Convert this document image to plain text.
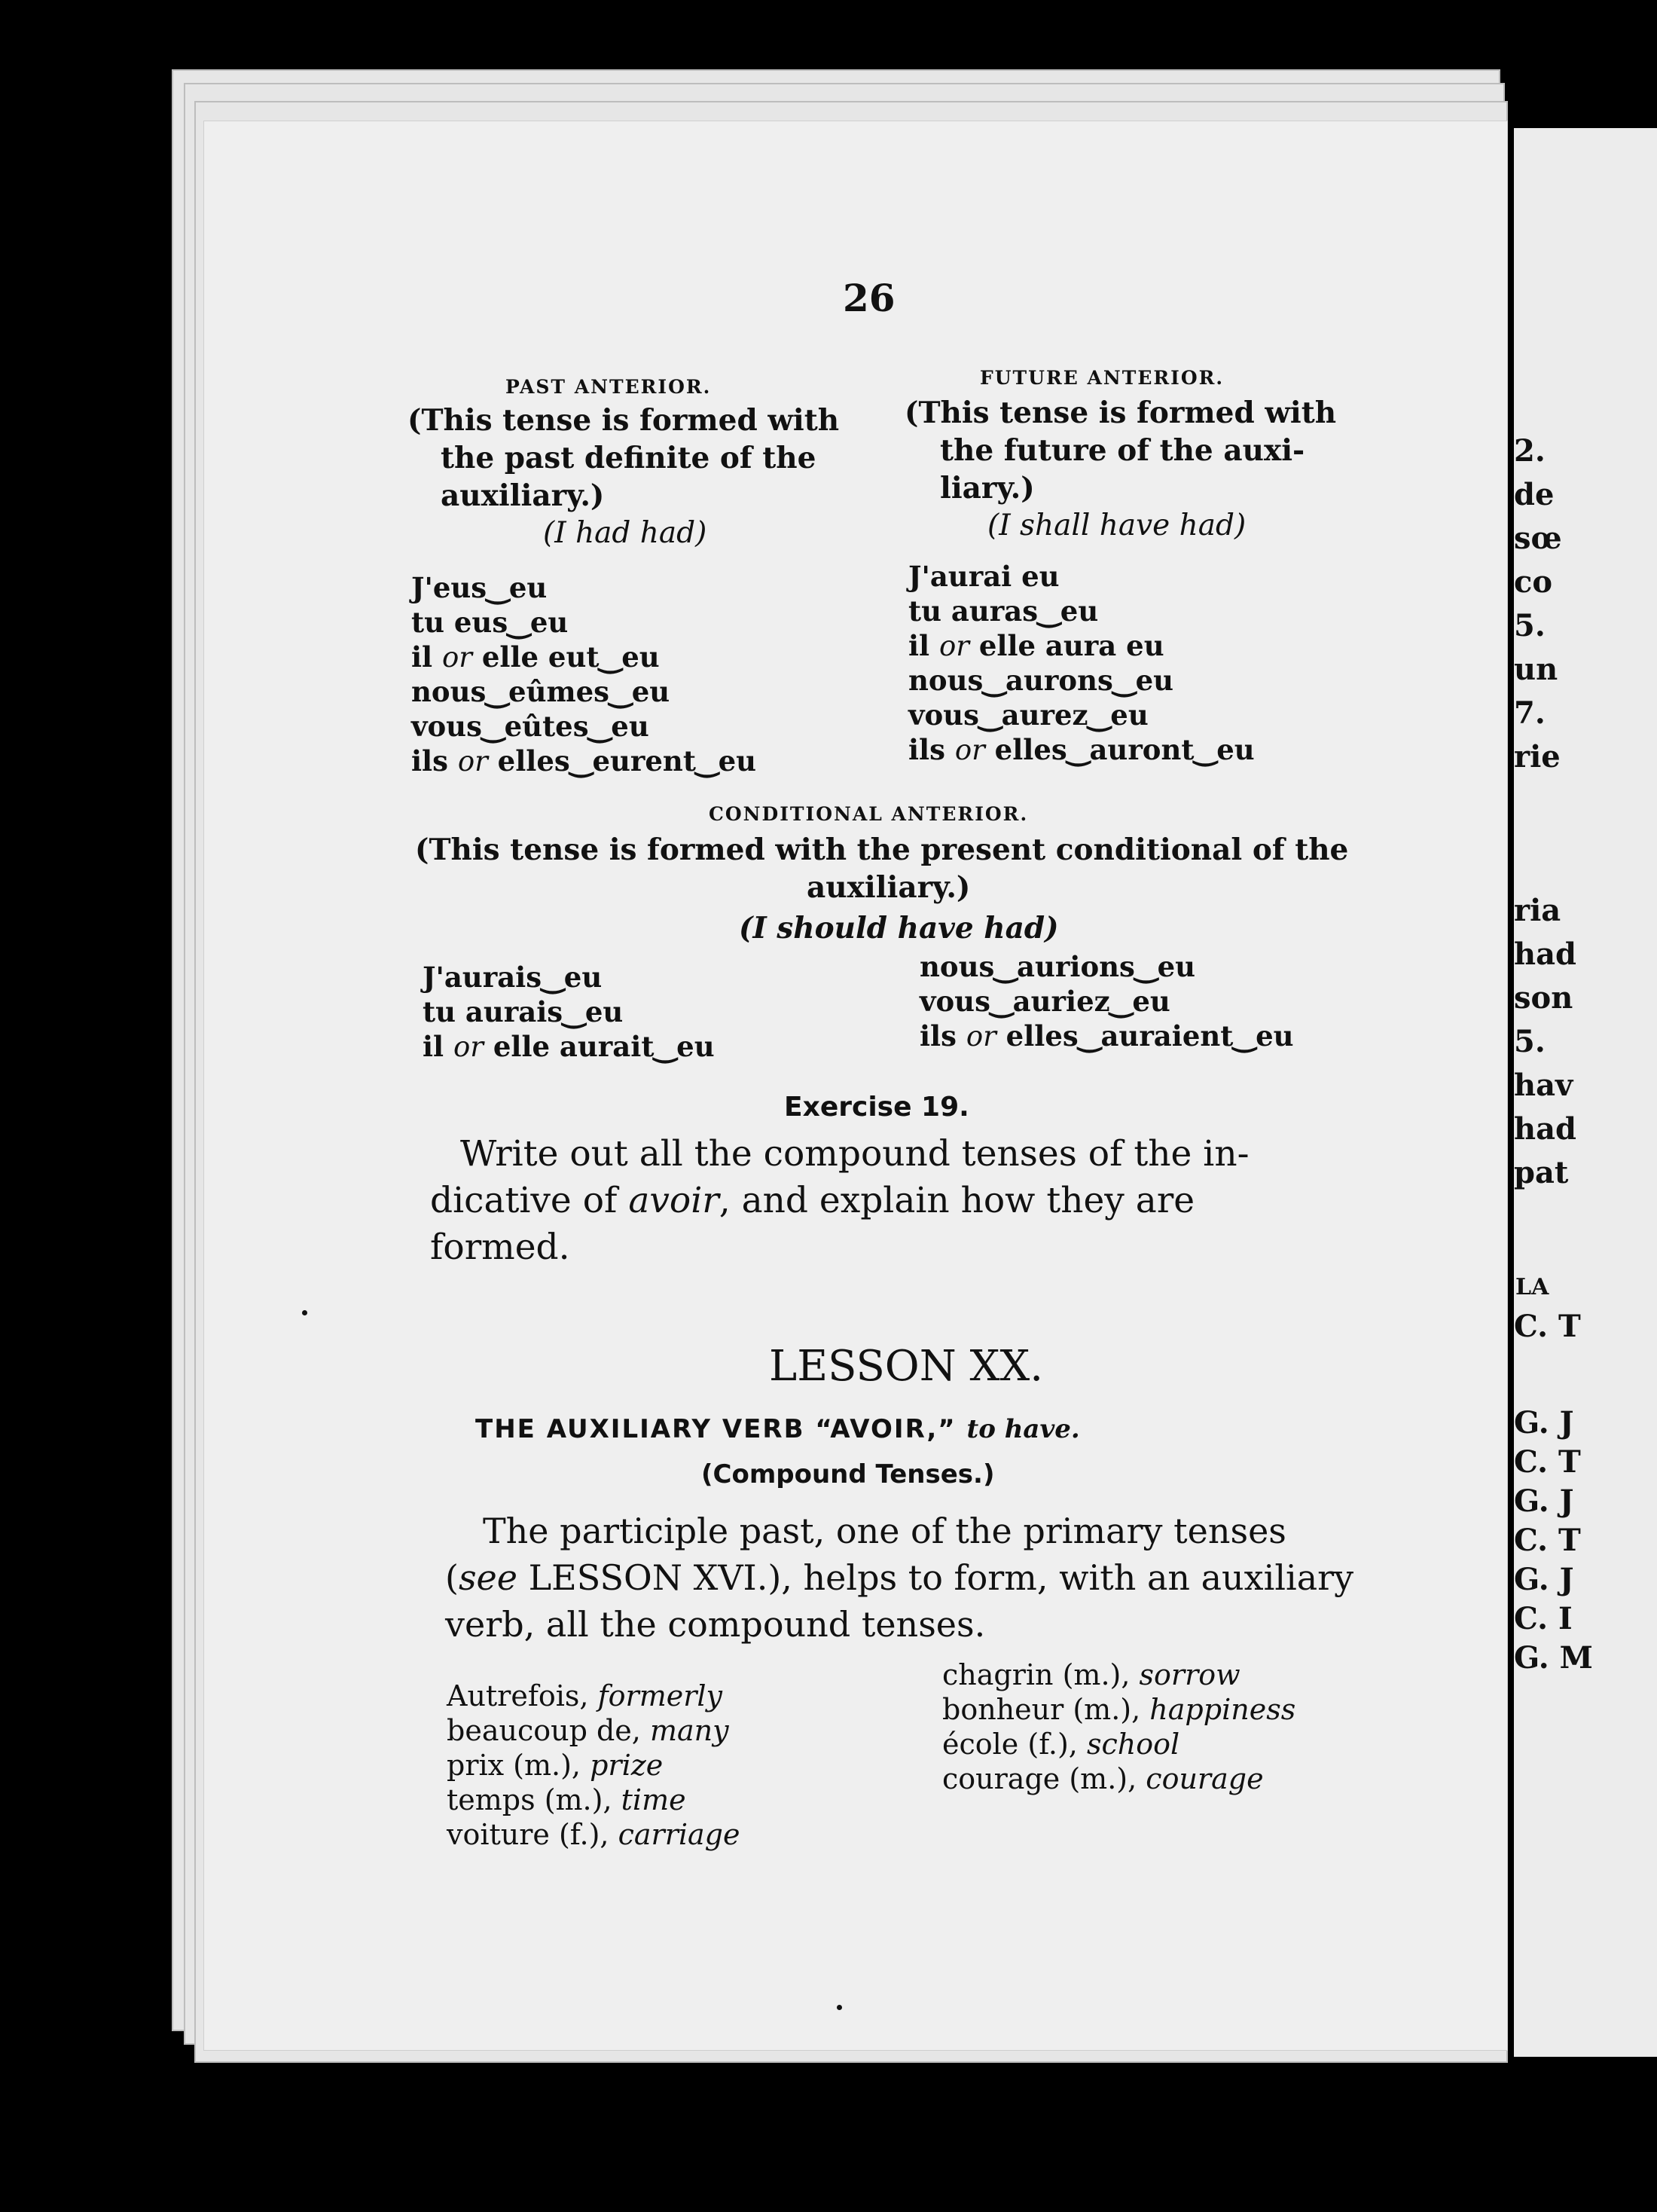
26
PAST ANTERIOR.
(This tense is formed with
the past definite of the
auxiliary.)
(I had had)
J'eus‿eu
tu eus‿eu
il or elle eut‿eu
nous‿eûmes‿eu
vous‿eûtes‿eu
ils or elles‿eurent‿eu
FUTURE ANTERIOR.
(This tense is formed with
the future of the auxi-
liary.)
(I shall have had)
J'aurai eu
tu auras‿eu
il or elle aura eu
nous‿aurons‿eu
vous‿aurez‿eu
ils or elles‿auront‿eu
CONDITIONAL ANTERIOR.
(This tense is formed with the present conditional of the
auxiliary.)
(I should have had)
J'aurais‿eu
tu aurais‿eu
il or elle aurait‿eu
nous‿aurions‿eu
vous‿auriez‿eu
ils or elles‿auraient‿eu
Exercise 19.
Write out all the compound tenses of the in-
dicative of avoir, and explain how they are
formed.
LESSON XX.
THE AUXILIARY VERB “AVOIR,” to have.
(Compound Tenses.)
The participle past, one of the primary tenses
(see LESSON XVI.), helps to form, with an auxiliary
verb, all the compound tenses.
Autrefois, formerly
beaucoup de, many
prix (m.), prize
temps (m.), time
voiture (f.), carriage
chagrin (m.), sorrow
bonheur (m.), happiness
école (f.), school
courage (m.), courage
2.
de
sœ
co
5.
un
7.
rie
ria
had
son
5.
hav
had
pat
LA
C. T
G. J
C. T
G. J
C. T
G. J
C. I
G. M
